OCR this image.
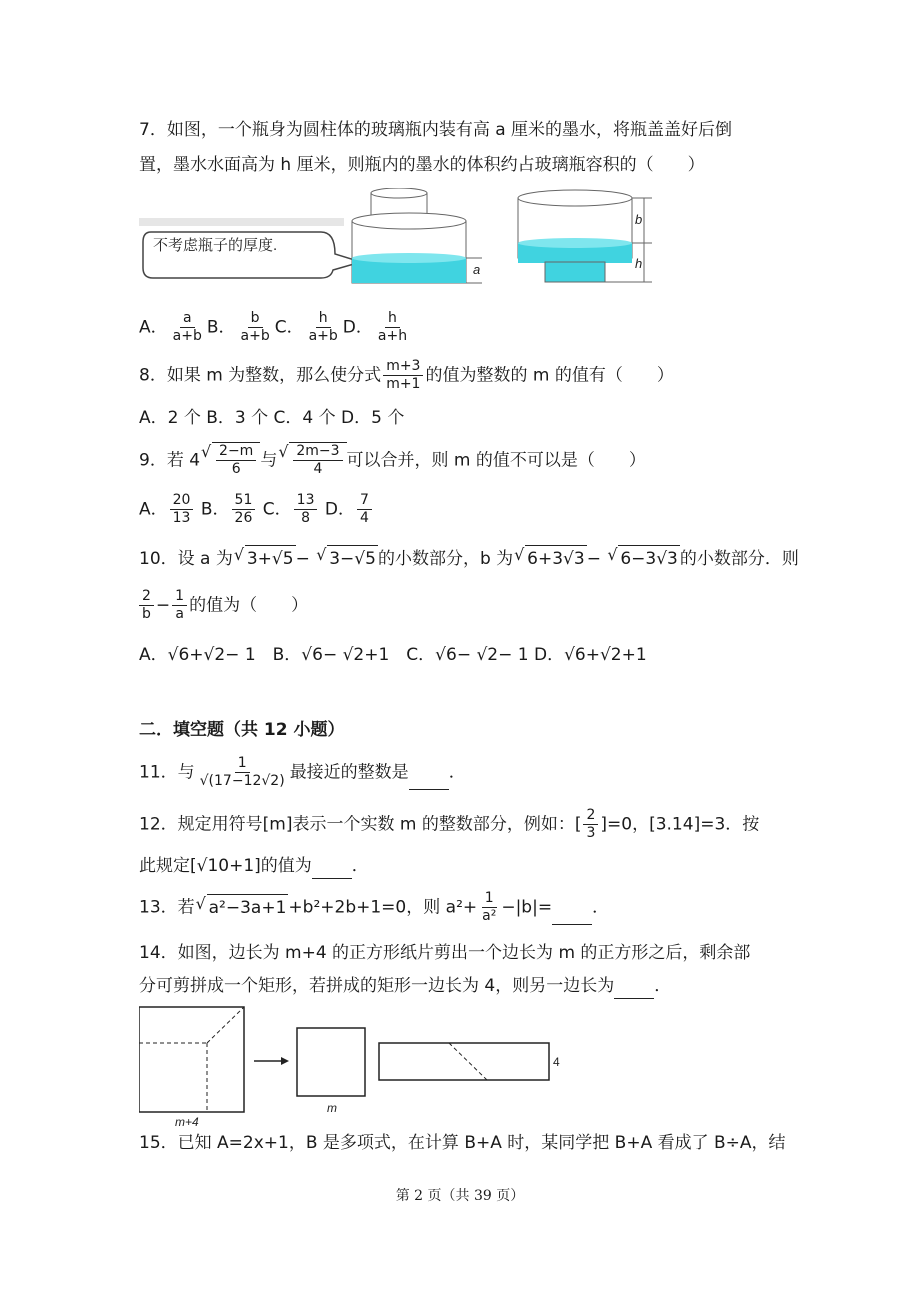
7．如图，一个瓶身为圆柱体的玻璃瓶内装有高 a 厘米的墨水，将瓶盖盖好后倒
置，墨水水面高为 h 厘米，则瓶内的墨水的体积约占玻璃瓶容积的（　　）
不考虑瓶子的厚度.
a
b
h
A． $\frac{a}{a+b}$ B． $\frac{b}{a+b}$ C． $\frac{h}{a+b}$ D． $\frac{h}{a+h}$
8．如果 m 为整数，那么使分式 $\frac{m+3}{m+1}$ 的值为整数的 m 的值有（　　）
A．2 个 B．3 个 C．4 个 D．5 个
9．若 4 √ $\frac{2-m}{6}$ 与 √ $\frac{2m-3}{4}$ 可以合并，则 m 的值不可以是（　　）
A． $\frac{20}{13}$ B． $\frac{51}{26}$ C． $\frac{13}{8}$ D． $\frac{7}{4}$
10．设 a 为 √ 3+√5 − √ 3−√5 的小数部分，b 为 √ 6+3√3 − √ 6−3√3 的小数部分．则
$\frac{2}{b} - \frac{1}{a}$ 的值为（　　）
A．√6+√2− 1　B．√6− √2+1　C．√6− √2− 1 D．√6+√2+1
二．填空题（共 12 小题）
11．与 $\frac{1}{√(17-12√2)}$ 最接近的整数是 ．
12．规定用符号[m]表示一个实数 m 的整数部分，例如：[ $\frac{2}{3} ]=0$，[3.14]=3．按
此规定[√10+1]的值为 ．
13．若 √ a²−3a+1 +b²+2b+1=0，则 $a^2+ \frac{1}{\text{a²}} -|b|=$ ．
14．如图，边长为 m+4 的正方形纸片剪出一个边长为 m 的正方形之后，剩余部
分可剪拼成一个矩形，若拼成的矩形一边长为 4，则另一边长为 ．
m+4
m
4
15．已知 A=2x+1，B 是多项式，在计算 B+A 时，某同学把 B+A 看成了 B÷A，结
第 2 页（共 39 页）
